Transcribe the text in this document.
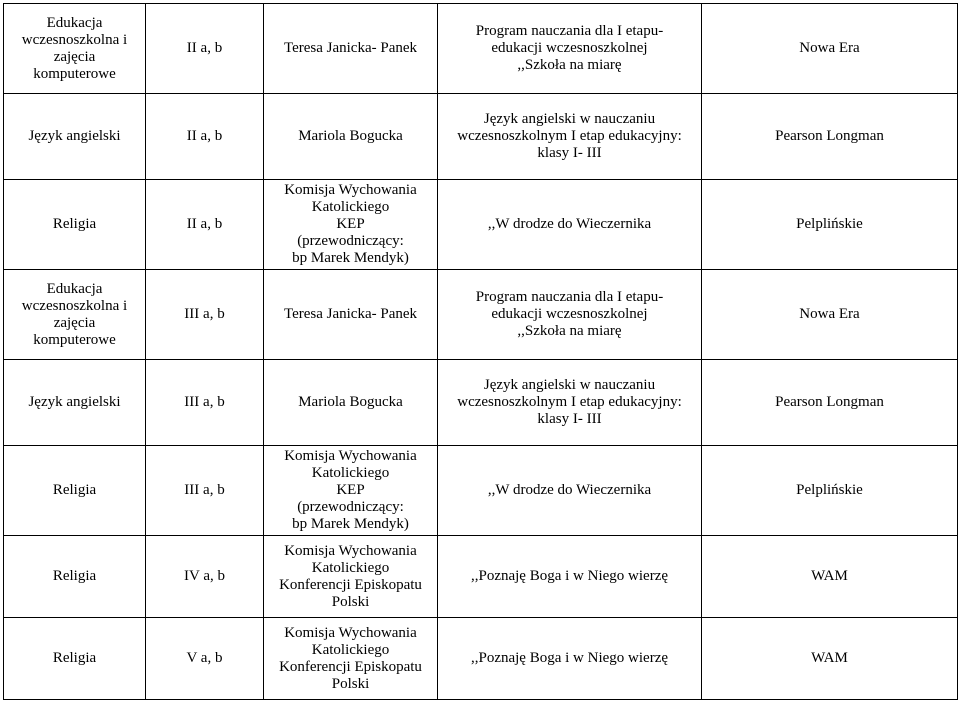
Edukacja
wczesnoszkolna i
zajęcia
komputerowe	II a, b	Teresa Janicka- Panek	Program nauczania dla I etapu-
edukacji wczesnoszkolnej
,,Szkoła na miarę	Nowa Era
Język angielski	II a, b	Mariola Bogucka	Język angielski w nauczaniu
wczesnoszkolnym I etap edukacyjny:
klasy I- III	Pearson Longman
Religia	II a, b	Komisja Wychowania
Katolickiego
KEP
(przewodniczący:
bp Marek Mendyk)	,,W drodze do Wieczernika	Pelplińskie
Edukacja
wczesnoszkolna i
zajęcia
komputerowe	III a, b	Teresa Janicka- Panek	Program nauczania dla I etapu-
edukacji wczesnoszkolnej
,,Szkoła na miarę	Nowa Era
Język angielski	III a, b	Mariola Bogucka	Język angielski w nauczaniu
wczesnoszkolnym I etap edukacyjny:
klasy I- III	Pearson Longman
Religia	III a, b	Komisja Wychowania
Katolickiego
KEP
(przewodniczący:
bp Marek Mendyk)	,,W drodze do Wieczernika	Pelplińskie
Religia	IV a, b	Komisja Wychowania
Katolickiego
Konferencji Episkopatu
Polski	,,Poznaję Boga i w Niego wierzę	WAM
Religia	V a, b	Komisja Wychowania
Katolickiego
Konferencji Episkopatu
Polski	,,Poznaję Boga i w Niego wierzę	WAM
